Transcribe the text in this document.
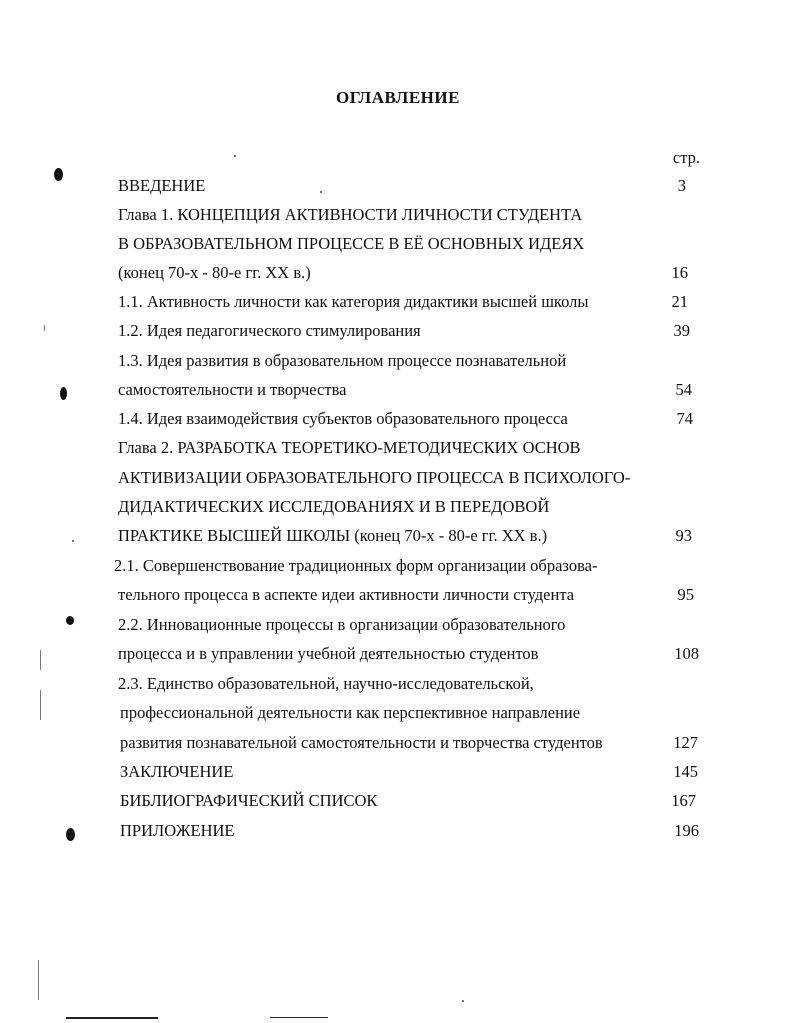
ОГЛАВЛЕНИЕ
стр.
ВВЕДЕНИЕ	3
Глава 1. КОНЦЕПЦИЯ АКТИВНОСТИ ЛИЧНОСТИ СТУДЕНТА
В ОБРАЗОВАТЕЛЬНОМ ПРОЦЕССЕ В ЕЁ ОСНОВНЫХ ИДЕЯХ
(конец 70-х - 80-е гг. XX в.)	16
1.1. Активность личности как категория дидактики высшей школы	21
1.2. Идея педагогического стимулирования	39
1.3. Идея развития в образовательном процессе познавательной
самостоятельности и творчества	54
1.4. Идея взаимодействия субъектов образовательного процесса	74
Глава 2. РАЗРАБОТКА ТЕОРЕТИКО-МЕТОДИЧЕСКИХ ОСНОВ
АКТИВИЗАЦИИ ОБРАЗОВАТЕЛЬНОГО ПРОЦЕССА В ПСИХОЛОГО-
ДИДАКТИЧЕСКИХ ИССЛЕДОВАНИЯХ И В ПЕРЕДОВОЙ
ПРАКТИКЕ ВЫСШЕЙ ШКОЛЫ (конец 70-х - 80-е гг. XX в.)	93
2.1. Совершенствование традиционных форм организации образова-
тельного процесса в аспекте идеи активности личности студента	95
2.2. Инновационные процессы в организации образовательного
процесса и в управлении учебной деятельностью студентов	108
2.3. Единство образовательной, научно-исследовательской,
профессиональной деятельности как перспективное направление
развития познавательной самостоятельности и творчества студентов	127
ЗАКЛЮЧЕНИЕ	145
БИБЛИОГРАФИЧЕСКИЙ СПИСОК	167
ПРИЛОЖЕНИЕ	196
